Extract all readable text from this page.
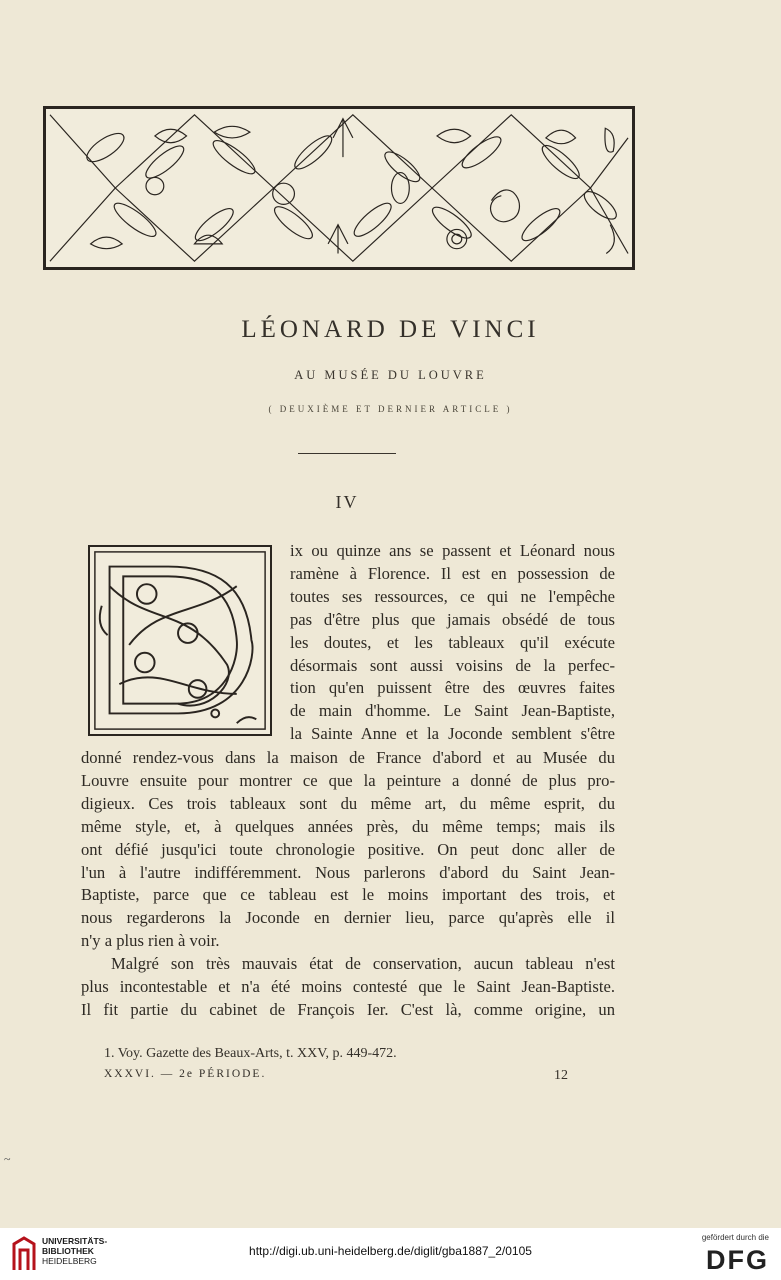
LÉONARD DE VINCI
AU MUSÉE DU LOUVRE
( DEUXIÈME ET DERNIER ARTICLE )
IV
ix ou quinze ans se passent et Léonard nous
ramène à Florence. Il est en possession de
toutes ses ressources, ce qui ne l'empêche
pas d'être plus que jamais obsédé de tous
les doutes, et les tableaux qu'il exécute
désormais sont aussi voisins de la perfec-
tion qu'en puissent être des œuvres faites
de main d'homme. Le Saint Jean-Baptiste,
la Sainte Anne et la Joconde semblent s'être
donné rendez-vous dans la maison de France d'abord et au Musée du
Louvre ensuite pour montrer ce que la peinture a donné de plus pro-
digieux. Ces trois tableaux sont du même art, du même esprit, du
même style, et, à quelques années près, du même temps; mais ils
ont défié jusqu'ici toute chronologie positive. On peut donc aller de
l'un à l'autre indifféremment. Nous parlerons d'abord du Saint Jean-
Baptiste, parce que ce tableau est le moins important des trois, et
nous regarderons la Joconde en dernier lieu, parce qu'après elle il
n'y a plus rien à voir.
Malgré son très mauvais état de conservation, aucun tableau n'est
plus incontestable et n'a été moins contesté que le Saint Jean-Baptiste.
Il fit partie du cabinet de François Ier. C'est là, comme origine, un
1. Voy. Gazette des Beaux-Arts, t. XXV, p. 449-472.
XXXVI. — 2e PÉRIODE.	12
~
UNIVERSITÄTS-
BIBLIOTHEK
HEIDELBERG
http://digi.ub.uni-heidelberg.de/diglit/gba1887_2/0105
gefördert durch die
DFG
